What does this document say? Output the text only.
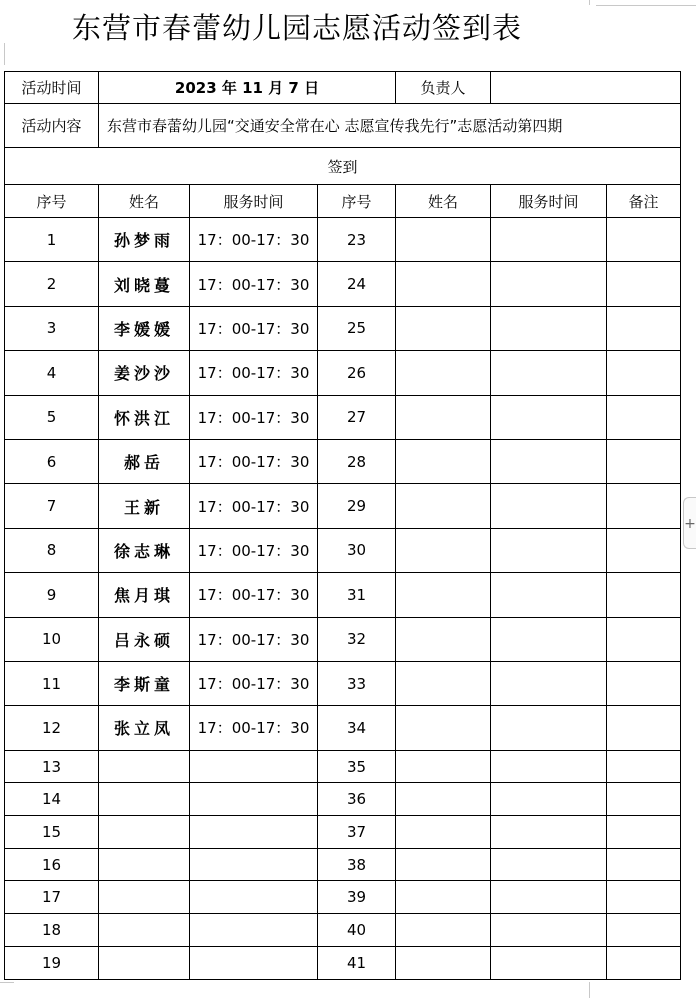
东营市春蕾幼儿园志愿活动签到表
+
活动时间	2023 年 11 月 7 日			负责人		
活动内容	东营市春蕾幼儿园“交通安全常在心 志愿宣传我先行”志愿活动第四期					
签到						
序号	姓名	服务时间	序号	姓名	服务时间	备注
1	孙梦雨	17：00-17：30	23			
2	刘晓蔓	17：00-17：30	24			
3	李媛媛	17：00-17：30	25			
4	姜沙沙	17：00-17：30	26			
5	怀洪江	17：00-17：30	27			
6	郝岳	17：00-17：30	28			
7	王新	17：00-17：30	29			
8	徐志琳	17：00-17：30	30			
9	焦月琪	17：00-17：30	31			
10	吕永硕	17：00-17：30	32			
11	李斯童	17：00-17：30	33			
12	张立凤	17：00-17：30	34			
13			35			
14			36			
15			37			
16			38			
17			39			
18			40			
19			41			
